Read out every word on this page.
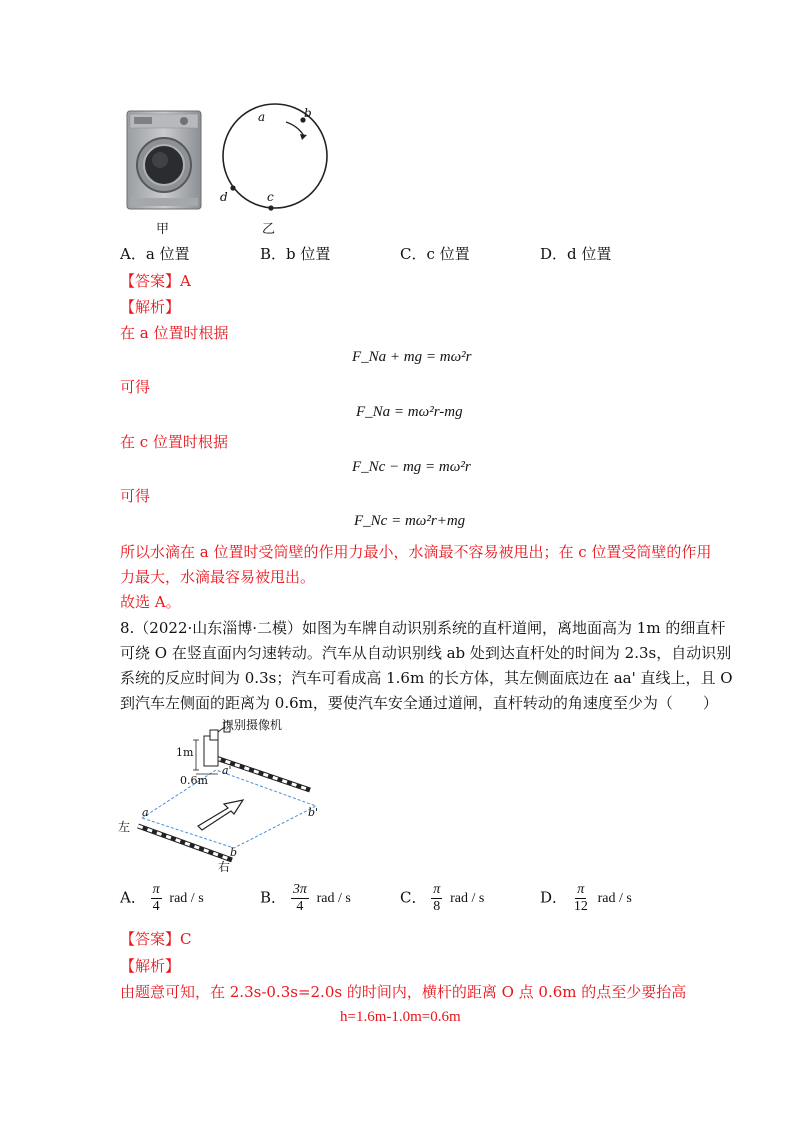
甲
a	b
c
d
乙
A．a 位置	B．b 位置	C．c 位置	D．d 位置
【答案】A
【解析】
在 a 位置时根据
F_Na + mg = mω²r
可得
F_Na = mω²r-mg
在 c 位置时根据
F_Nc − mg = mω²r
可得
F_Nc = mω²r+mg
所以水滴在 a 位置时受筒壁的作用力最小，水滴最不容易被甩出；在 c 位置受筒壁的作用
力最大，水滴最容易被甩出。
故选 A。
8.（2022·山东淄博·二模）如图为车牌自动识别系统的直杆道闸，离地面高为 1m 的细直杆
可绕 O 在竖直面内匀速转动。汽车从自动识别线 ab 处到达直杆处的时间为 2.3s，自动识别
系统的反应时间为 0.3s；汽车可看成高 1.6m 的长方体，其左侧面底边在 aa' 直线上，且 O
到汽车左侧面的距离为 0.6m，要使汽车安全通过道闸，直杆转动的角速度至少为（　　）
识别摄像机
1m
0.6m
a'
a	b'
b
左
右
A． $\frac{\pi}{4}$ rad / s	B． $\frac{3\pi}{4}$ rad / s	C． $\frac{\pi}{8}$ rad / s	D． $\frac{\pi}{12}$ rad / s
【答案】C
【解析】
由题意可知，在 2.3s-0.3s=2.0s 的时间内，横杆的距离 O 点 0.6m 的点至少要抬高
h=1.6m-1.0m=0.6m
